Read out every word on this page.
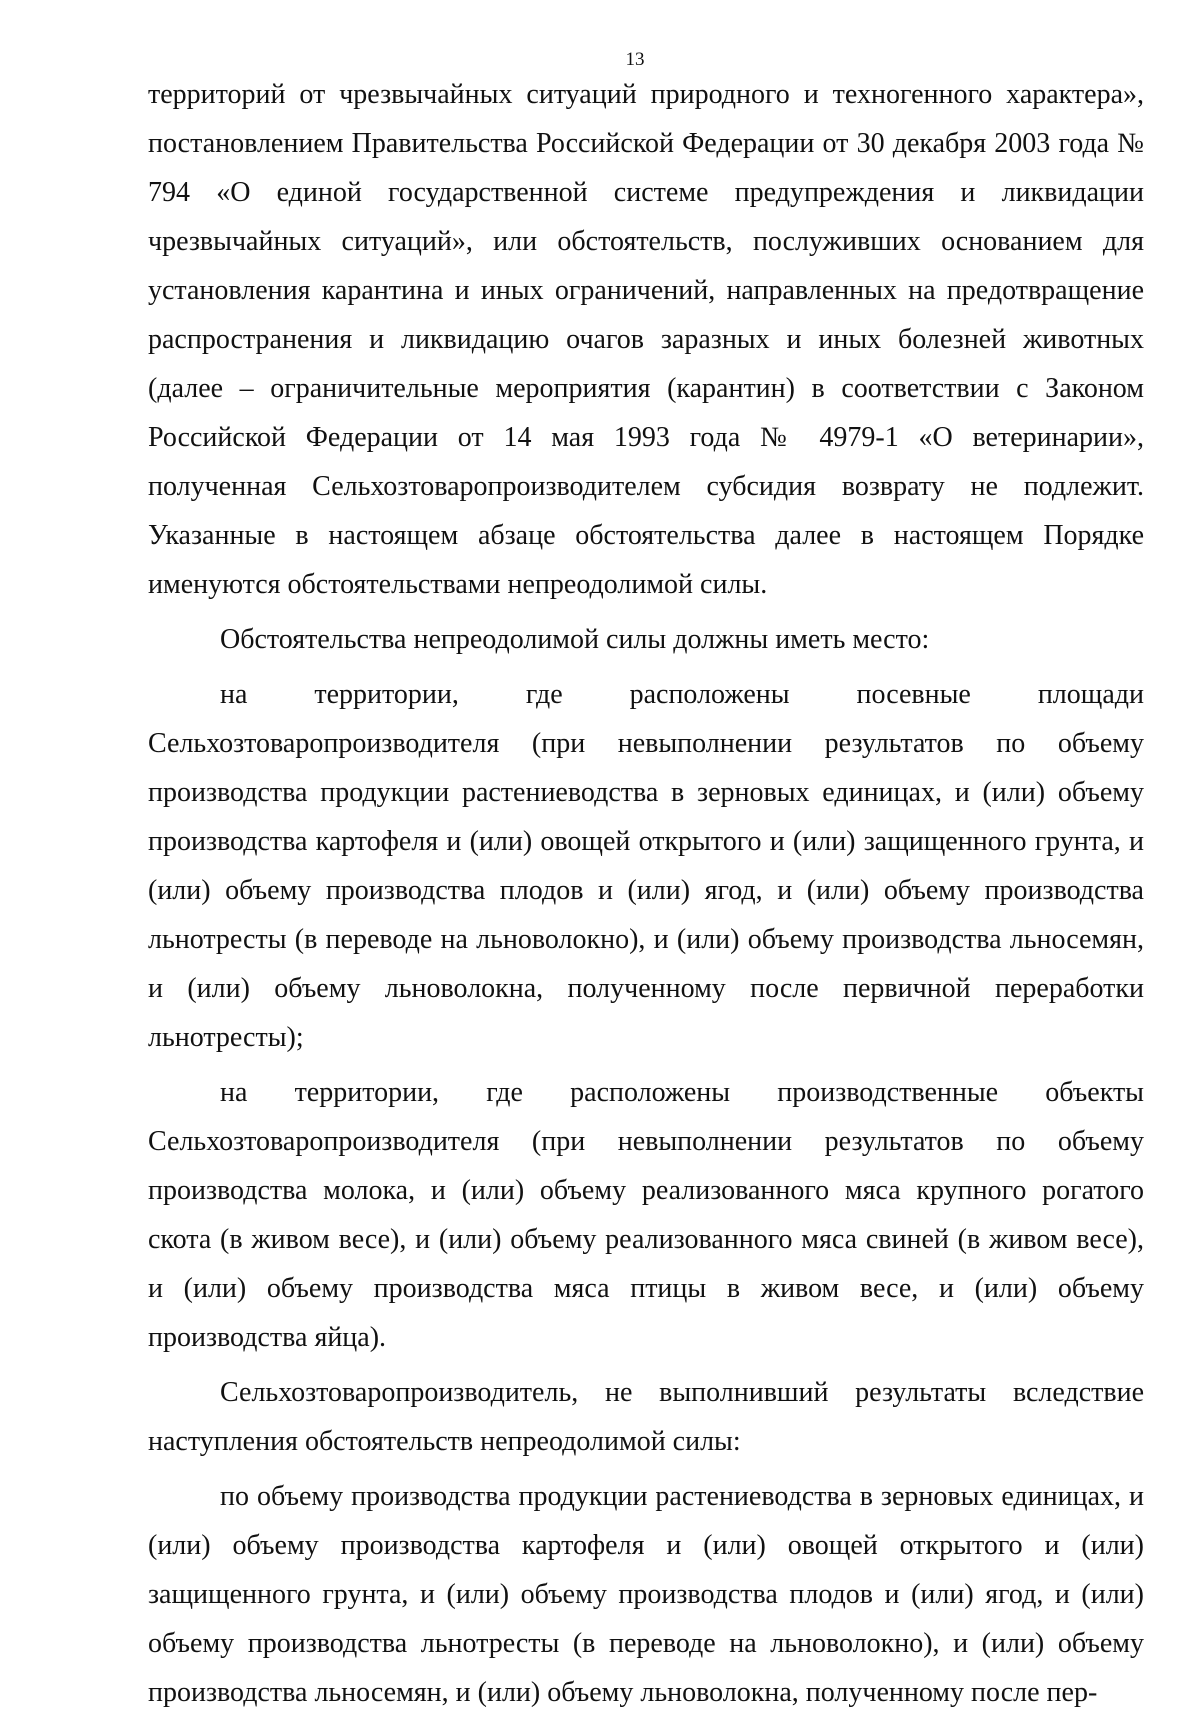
13

территорий от чрезвычайных ситуаций природного и техногенного характера», постановлением Правительства Российской Федерации от 30 декабря 2003 года № 794 «О единой государственной системе предупреждения и ликвидации чрезвычайных ситуаций», или обстоятельств, послуживших основанием для установления карантина и иных ограничений, направленных на предотвращение распространения и ликвидацию очагов заразных и иных болезней животных (далее – ограничительные мероприятия (карантин) в соответствии с Законом Российской Федерации от 14 мая 1993 года № 4979-1 «О ветеринарии», полученная Сельхозтоваропроизводителем субсидия возврату не подлежит. Указанные в настоящем абзаце обстоятельства далее в настоящем Порядке именуются обстоятельствами непреодолимой силы.

Обстоятельства непреодолимой силы должны иметь место:

на территории, где расположены посевные площади Сельхозтоваропроизводителя (при невыполнении результатов по объему производства продукции растениеводства в зерновых единицах, и (или) объему производства картофеля и (или) овощей открытого и (или) защищенного грунта, и (или) объему производства плодов и (или) ягод, и (или) объему производства льнотресты (в переводе на льноволокно), и (или) объему производства льносемян, и (или) объему льноволокна, полученному после первичной переработки льнотресты);

на территории, где расположены производственные объекты Сельхозтоваропроизводителя (при невыполнении результатов по объему производства молока, и (или) объему реализованного мяса крупного рогатого скота (в живом весе), и (или) объему реализованного мяса свиней (в живом весе), и (или) объему производства мяса птицы в живом весе, и (или) объему производства яйца).

Сельхозтоваропроизводитель, не выполнивший результаты вследствие наступления обстоятельств непреодолимой силы:

по объему производства продукции растениеводства в зерновых единицах, и (или) объему производства картофеля и (или) овощей открытого и (или) защищенного грунта, и (или) объему производства плодов и (или) ягод, и (или) объему производства льнотресты (в переводе на льноволокно), и (или) объему производства льносемян, и (или) объему льноволокна, полученному после пер-
